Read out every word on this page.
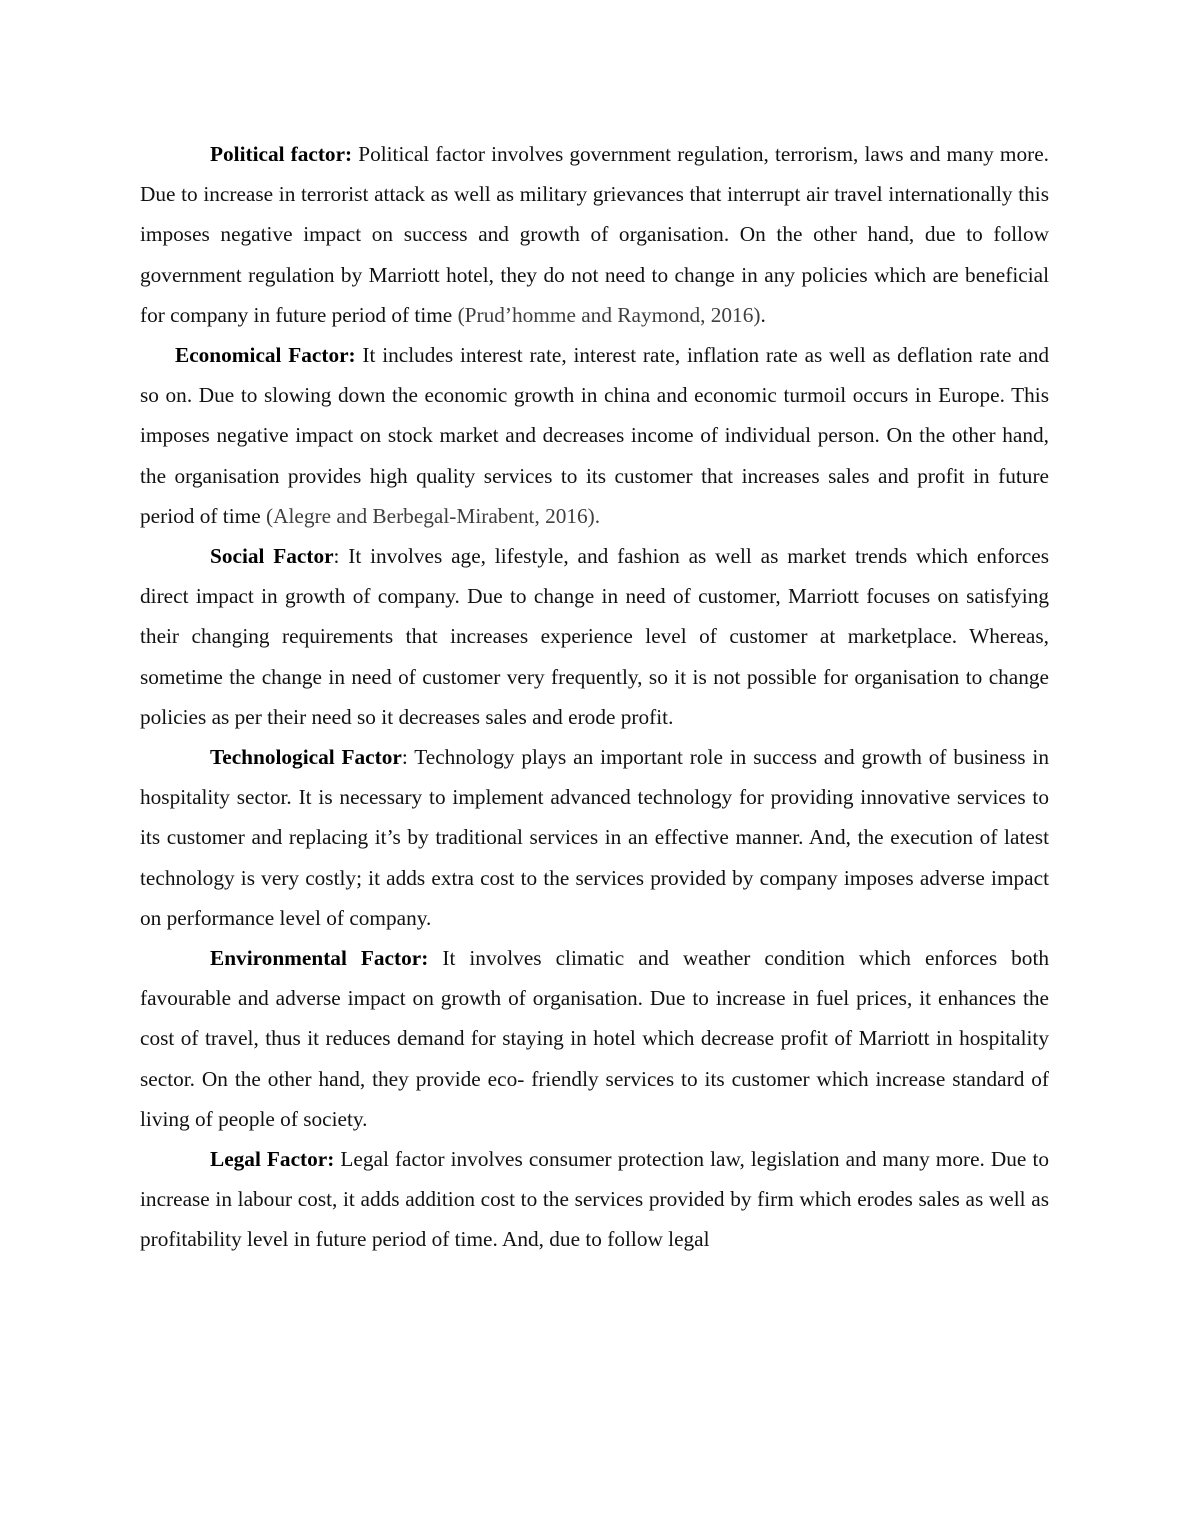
Political factor: Political factor involves government regulation, terrorism, laws and many more. Due to increase in terrorist attack as well as military grievances that interrupt air travel internationally this imposes negative impact on success and growth of organisation. On the other hand, due to follow government regulation by Marriott hotel, they do not need to change in any policies which are beneficial for company in future period of time (Prud’homme and Raymond, 2016).

Economical Factor: It includes interest rate, interest rate, inflation rate as well as deflation rate and so on. Due to slowing down the economic growth in china and economic turmoil occurs in Europe. This imposes negative impact on stock market and decreases income of individual person. On the other hand, the organisation provides high quality services to its customer that increases sales and profit in future period of time (Alegre and Berbegal-Mirabent, 2016).

Social Factor: It involves age, lifestyle, and fashion as well as market trends which enforces direct impact in growth of company. Due to change in need of customer, Marriott focuses on satisfying their changing requirements that increases experience level of customer at marketplace. Whereas, sometime the change in need of customer very frequently, so it is not possible for organisation to change policies as per their need so it decreases sales and erode profit.

Technological Factor: Technology plays an important role in success and growth of business in hospitality sector. It is necessary to implement advanced technology for providing innovative services to its customer and replacing it’s by traditional services in an effective manner. And, the execution of latest technology is very costly; it adds extra cost to the services provided by company imposes adverse impact on performance level of company.

Environmental Factor: It involves climatic and weather condition which enforces both favourable and adverse impact on growth of organisation. Due to increase in fuel prices, it enhances the cost of travel, thus it reduces demand for staying in hotel which decrease profit of Marriott in hospitality sector. On the other hand, they provide eco- friendly services to its customer which increase standard of living of people of society.

Legal Factor: Legal factor involves consumer protection law, legislation and many more. Due to increase in labour cost, it adds addition cost to the services provided by firm which erodes sales as well as profitability level in future period of time. And, due to follow legal
